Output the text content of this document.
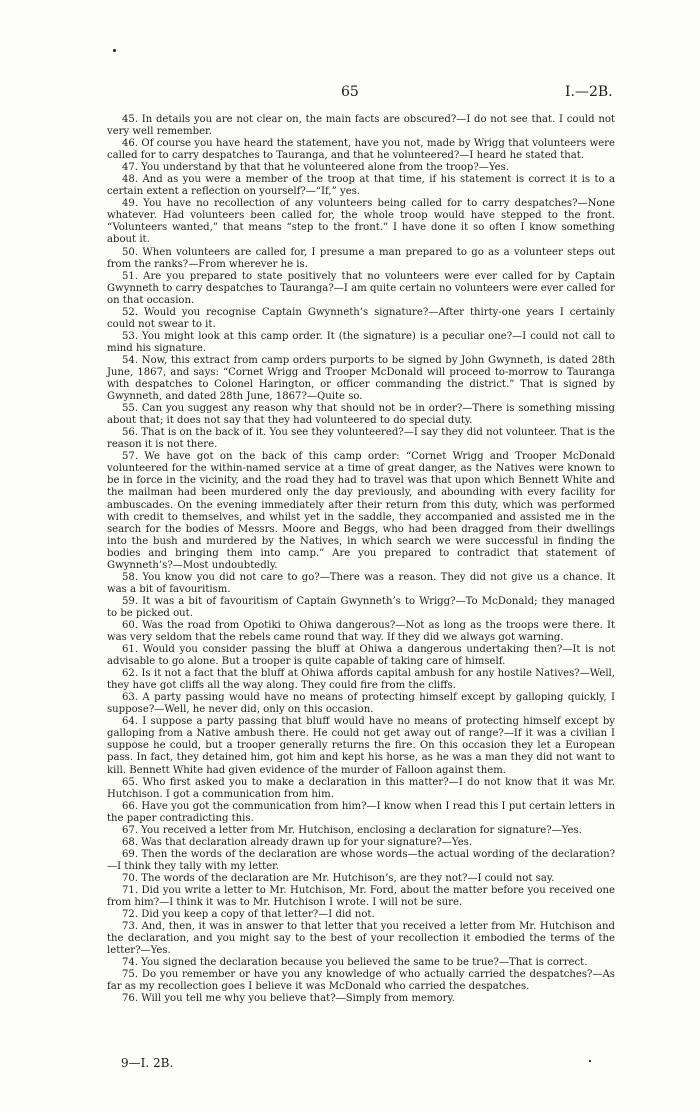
65	I.—2B.

45. In details you are not clear on, the main facts are obscured?—I do not see that. I could not very well remember.

46. Of course you have heard the statement, have you not, made by Wrigg that volunteers were called for to carry despatches to Tauranga, and that he volunteered?—I heard he stated that.

47. You understand by that that he volunteered alone from the troop?—Yes.

48. And as you were a member of the troop at that time, if his statement is correct it is to a certain extent a reflection on yourself?—“If,” yes.

49. You have no recollection of any volunteers being called for to carry despatches?—None whatever. Had volunteers been called for, the whole troop would have stepped to the front. “Volunteers wanted,” that means “step to the front.” I have done it so often I know something about it.

50. When volunteers are called for, I presume a man prepared to go as a volunteer steps out from the ranks?—From wherever he is.

51. Are you prepared to state positively that no volunteers were ever called for by Captain Gwynneth to carry despatches to Tauranga?—I am quite certain no volunteers were ever called for on that occasion.

52. Would you recognise Captain Gwynneth’s signature?—After thirty-one years I certainly could not swear to it.

53. You might look at this camp order. It (the signature) is a peculiar one?—I could not call to mind his signature.

54. Now, this extract from camp orders purports to be signed by John Gwynneth, is dated 28th June, 1867, and says: “Cornet Wrigg and Trooper McDonald will proceed to-morrow to Tauranga with despatches to Colonel Harington, or officer commanding the district.” That is signed by Gwynneth, and dated 28th June, 1867?—Quite so.

55. Can you suggest any reason why that should not be in order?—There is something missing about that; it does not say that they had volunteered to do special duty.

56. That is on the back of it. You see they volunteered?—I say they did not volunteer. That is the reason it is not there.

57. We have got on the back of this camp order: “Cornet Wrigg and Trooper McDonald volunteered for the within-named service at a time of great danger, as the Natives were known to be in force in the vicinity, and the road they had to travel was that upon which Bennett White and the mailman had been murdered only the day previously, and abounding with every facility for ambuscades. On the evening immediately after their return from this duty, which was performed with credit to themselves, and whilst yet in the saddle, they accompanied and assisted me in the search for the bodies of Messrs. Moore and Beggs, who had been dragged from their dwellings into the bush and murdered by the Natives, in which search we were successful in finding the bodies and bringing them into camp.” Are you prepared to contradict that statement of Gwynneth’s?—Most undoubtedly.

58. You know you did not care to go?—There was a reason. They did not give us a chance. It was a bit of favouritism.

59. It was a bit of favouritism of Captain Gwynneth’s to Wrigg?—To McDonald; they managed to be picked out.

60. Was the road from Opotiki to Ohiwa dangerous?—Not as long as the troops were there. It was very seldom that the rebels came round that way. If they did we always got warning.

61. Would you consider passing the bluff at Ohiwa a dangerous undertaking then?—It is not advisable to go alone. But a trooper is quite capable of taking care of himself.

62. Is it not a fact that the bluff at Ohiwa affords capital ambush for any hostile Natives?—Well, they have got cliffs all the way along. They could fire from the cliffs.

63. A party passing would have no means of protecting himself except by galloping quickly, I suppose?—Well, he never did, only on this occasion.

64. I suppose a party passing that bluff would have no means of protecting himself except by galloping from a Native ambush there. He could not get away out of range?—If it was a civilian I suppose he could, but a trooper generally returns the fire. On this occasion they let a European pass. In fact, they detained him, got him and kept his horse, as he was a man they did not want to kill. Bennett White had given evidence of the murder of Falloon against them.

65. Who first asked you to make a declaration in this matter?—I do not know that it was Mr. Hutchison. I got a communication from him.

66. Have you got the communication from him?—I know when I read this I put certain letters in the paper contradicting this.

67. You received a letter from Mr. Hutchison, enclosing a declaration for signature?—Yes.

68. Was that declaration already drawn up for your signature?—Yes.

69. Then the words of the declaration are whose words—the actual wording of the declaration?—I think they tally with my letter.

70. The words of the declaration are Mr. Hutchison’s, are they not?—I could not say.

71. Did you write a letter to Mr. Hutchison, Mr. Ford, about the matter before you received one from him?—I think it was to Mr. Hutchison I wrote. I will not be sure.

72. Did you keep a copy of that letter?—I did not.

73. And, then, it was in answer to that letter that you received a letter from Mr. Hutchison and the declaration, and you might say to the best of your recollection it embodied the terms of the letter?—Yes.

74. You signed the declaration because you believed the same to be true?—That is correct.

75. Do you remember or have you any knowledge of who actually carried the despatches?—As far as my recollection goes I believe it was McDonald who carried the despatches.

76. Will you tell me why you believe that?—Simply from memory.

9—I. 2B.
